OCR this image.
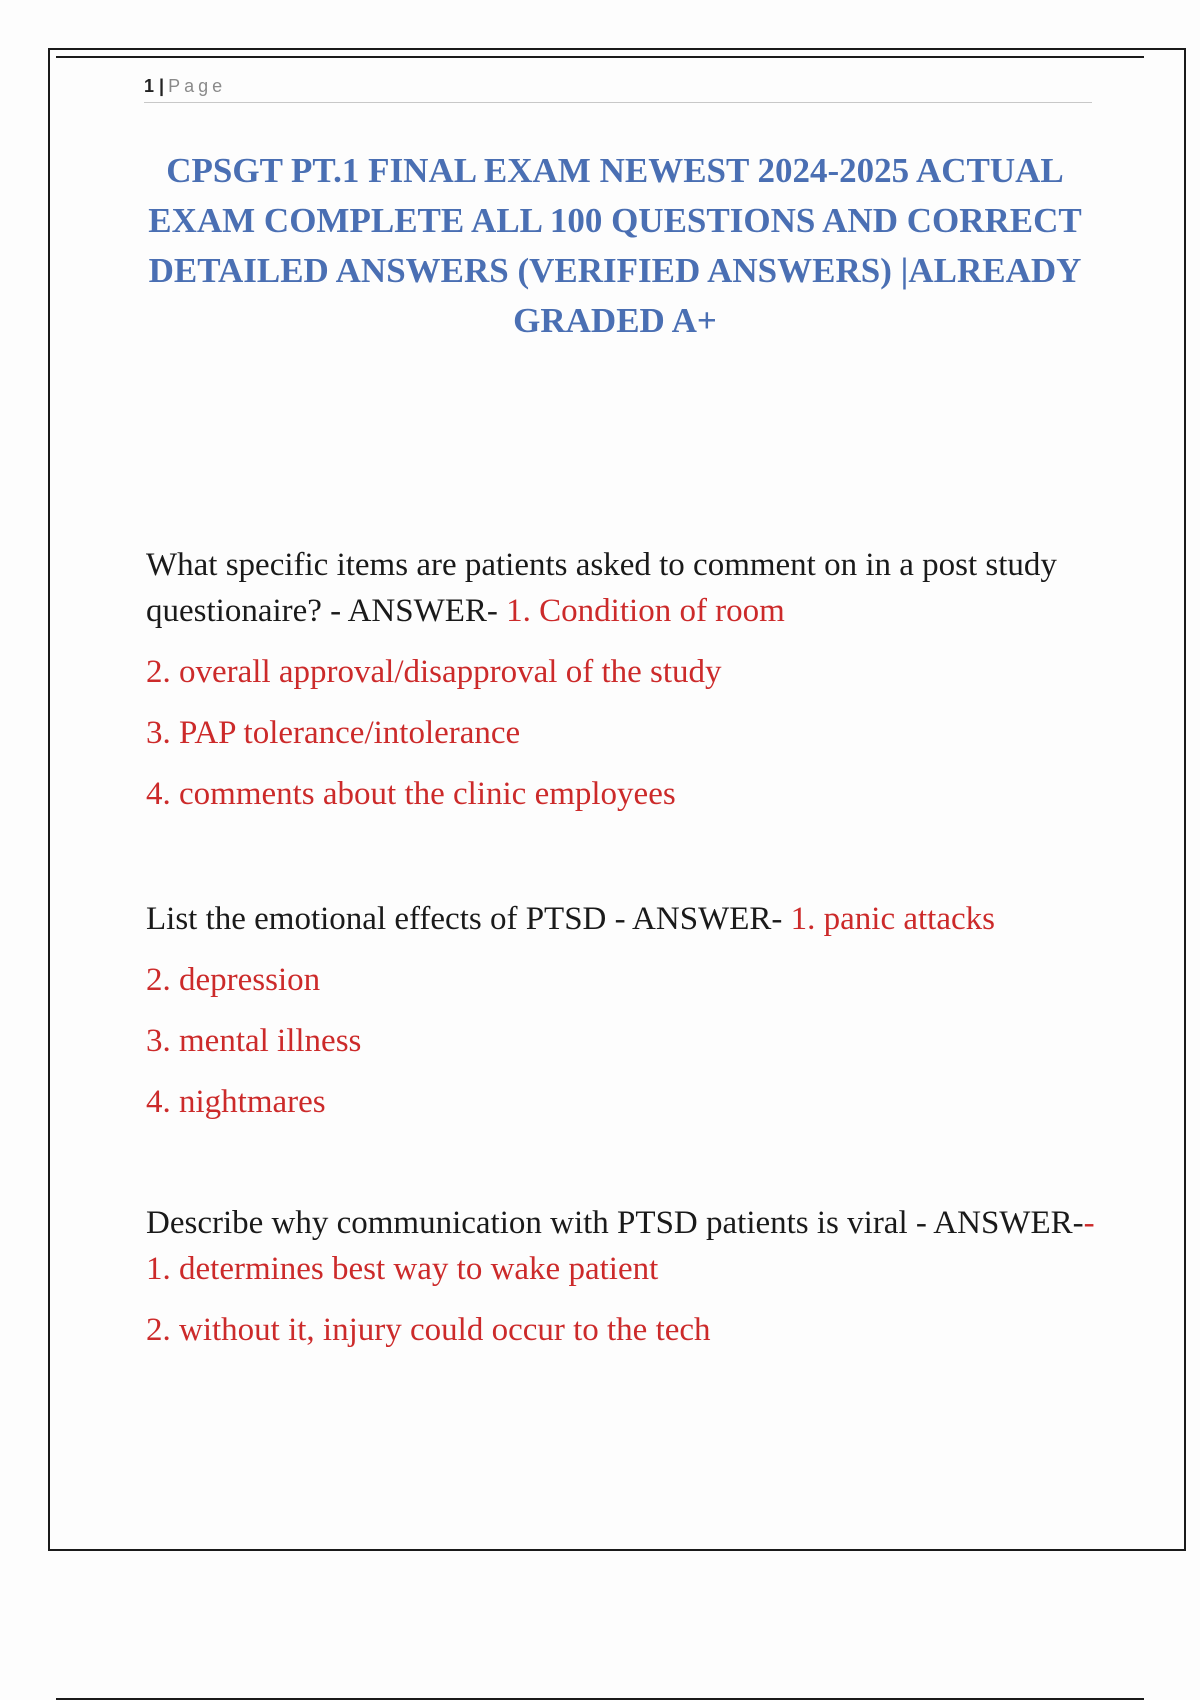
1 | Page
CPSGT PT.1 FINAL EXAM NEWEST 2024-2025 ACTUAL EXAM COMPLETE ALL 100 QUESTIONS AND CORRECT DETAILED ANSWERS (VERIFIED ANSWERS) |ALREADY GRADED A+
What specific items are patients asked to comment on in a post study questionaire? - ANSWER- 1. Condition of room
2. overall approval/disapproval of the study
3. PAP tolerance/intolerance
4. comments about the clinic employees
List the emotional effects of PTSD - ANSWER- 1. panic attacks
2. depression
3. mental illness
4. nightmares
Describe why communication with PTSD patients is viral - ANSWER-- 1. determines best way to wake patient
2. without it, injury could occur to the tech
